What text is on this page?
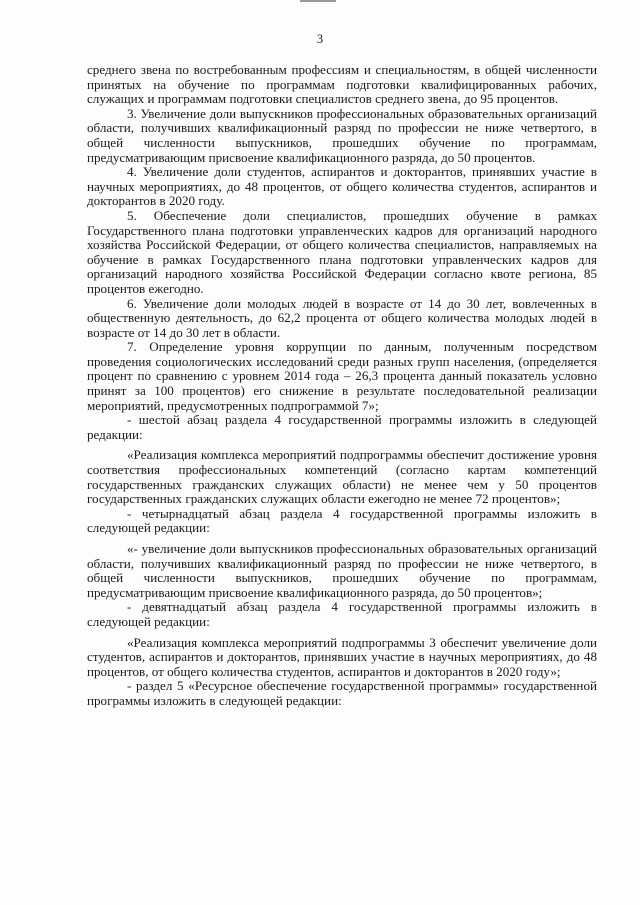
3

среднего звена по востребованным профессиям и специальностям, в общей численности принятых на обучение по программам подготовки квалифицированных рабочих, служащих и программам подготовки специалистов среднего звена, до 95 процентов.

3. Увеличение доли выпускников профессиональных образовательных организаций области, получивших квалификационный разряд по профессии не ниже четвертого, в общей численности выпускников, прошедших обучение по программам, предусматривающим присвоение квалификационного разряда, до 50 процентов.

4. Увеличение доли студентов, аспирантов и докторантов, принявших участие в научных мероприятиях, до 48 процентов, от общего количества студентов, аспирантов и докторантов в 2020 году.

5. Обеспечение доли специалистов, прошедших обучение в рамках Государственного плана подготовки управленческих кадров для организаций народного хозяйства Российской Федерации, от общего количества специалистов, направляемых на обучение в рамках Государственного плана подготовки управленческих кадров для организаций народного хозяйства Российской Федерации согласно квоте региона, 85 процентов ежегодно.

6. Увеличение доли молодых людей в возрасте от 14 до 30 лет, вовлеченных в общественную деятельность, до 62,2 процента от общего количества молодых людей в возрасте от 14 до 30 лет в области.

7. Определение уровня коррупции по данным, полученным посредством проведения социологических исследований среди разных групп населения, (определяется процент по сравнению с уровнем 2014 года – 26,3 процента данный показатель условно принят за 100 процентов) его снижение в результате последовательной реализации мероприятий, предусмотренных подпрограммой 7»;

- шестой абзац раздела 4 государственной программы изложить в следующей редакции:

«Реализация комплекса мероприятий подпрограммы обеспечит достижение уровня соответствия профессиональных компетенций (согласно картам компетенций государственных гражданских служащих области) не менее чем у 50 процентов государственных гражданских служащих области ежегодно не менее 72 процентов»;

- четырнадцатый абзац раздела 4 государственной программы изложить в следующей редакции:

«- увеличение доли выпускников профессиональных образовательных организаций области, получивших квалификационный разряд по профессии не ниже четвертого, в общей численности выпускников, прошедших обучение по программам, предусматривающим присвоение квалификационного разряда, до 50 процентов»;

- девятнадцатый абзац раздела 4 государственной программы изложить в следующей редакции:

«Реализация комплекса мероприятий подпрограммы 3 обеспечит увеличение доли студентов, аспирантов и докторантов, принявших участие в научных мероприятиях, до 48 процентов, от общего количества студентов, аспирантов и докторантов в 2020 году»;

- раздел 5 «Ресурсное обеспечение государственной программы» государственной программы изложить в следующей редакции:
